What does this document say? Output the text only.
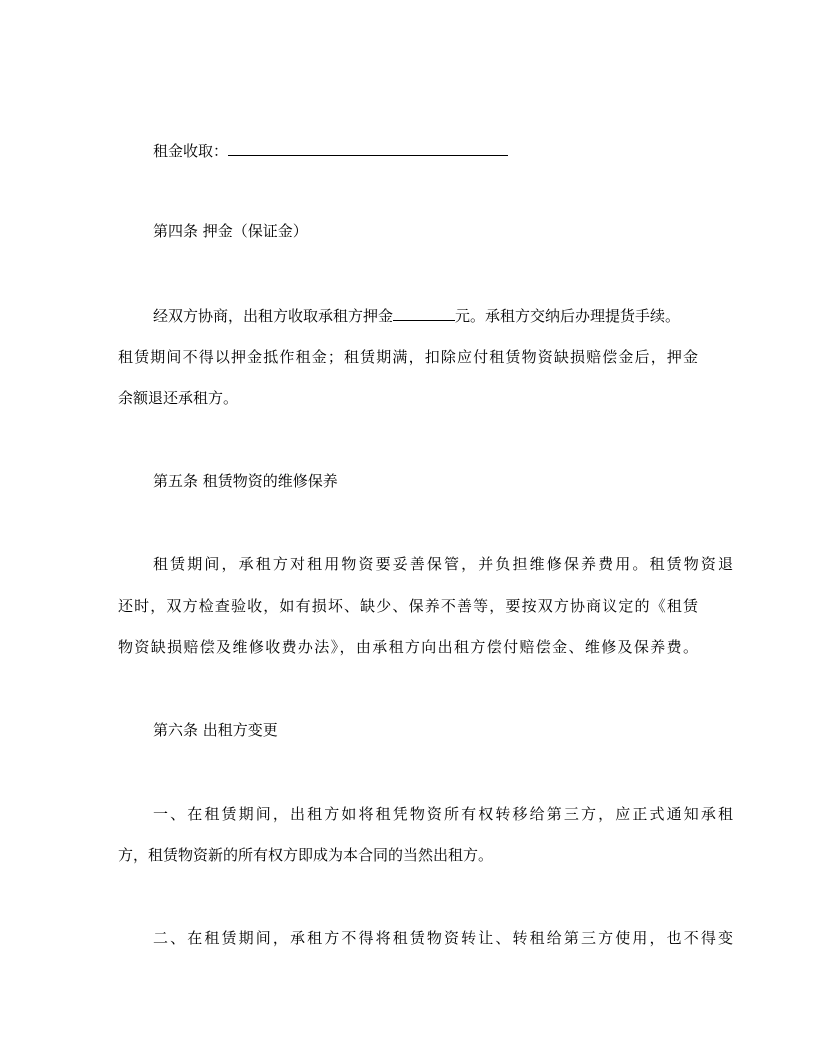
租金收取：
第四条 押金（保证金）
经双方协商，出租方收取承租方押金	元。承租方交纳后办理提货手续。
租赁期间不得以押金抵作租金；租赁期满，扣除应付租赁物资缺损赔偿金后，押金
余额退还承租方。
第五条 租赁物资的维修保养
租赁期间，承租方对租用物资要妥善保管，并负担维修保养费用。租赁物资退
还时，双方检查验收，如有损坏、缺少、保养不善等，要按双方协商议定的《租赁
物资缺损赔偿及维修收费办法》，由承租方向出租方偿付赔偿金、维修及保养费。
第六条 出租方变更
一、在租赁期间，出租方如将租凭物资所有权转移给第三方，应正式通知承租
方，租赁物资新的所有权方即成为本合同的当然出租方。
二、在租赁期间，承租方不得将租赁物资转让、转租给第三方使用，也不得变
